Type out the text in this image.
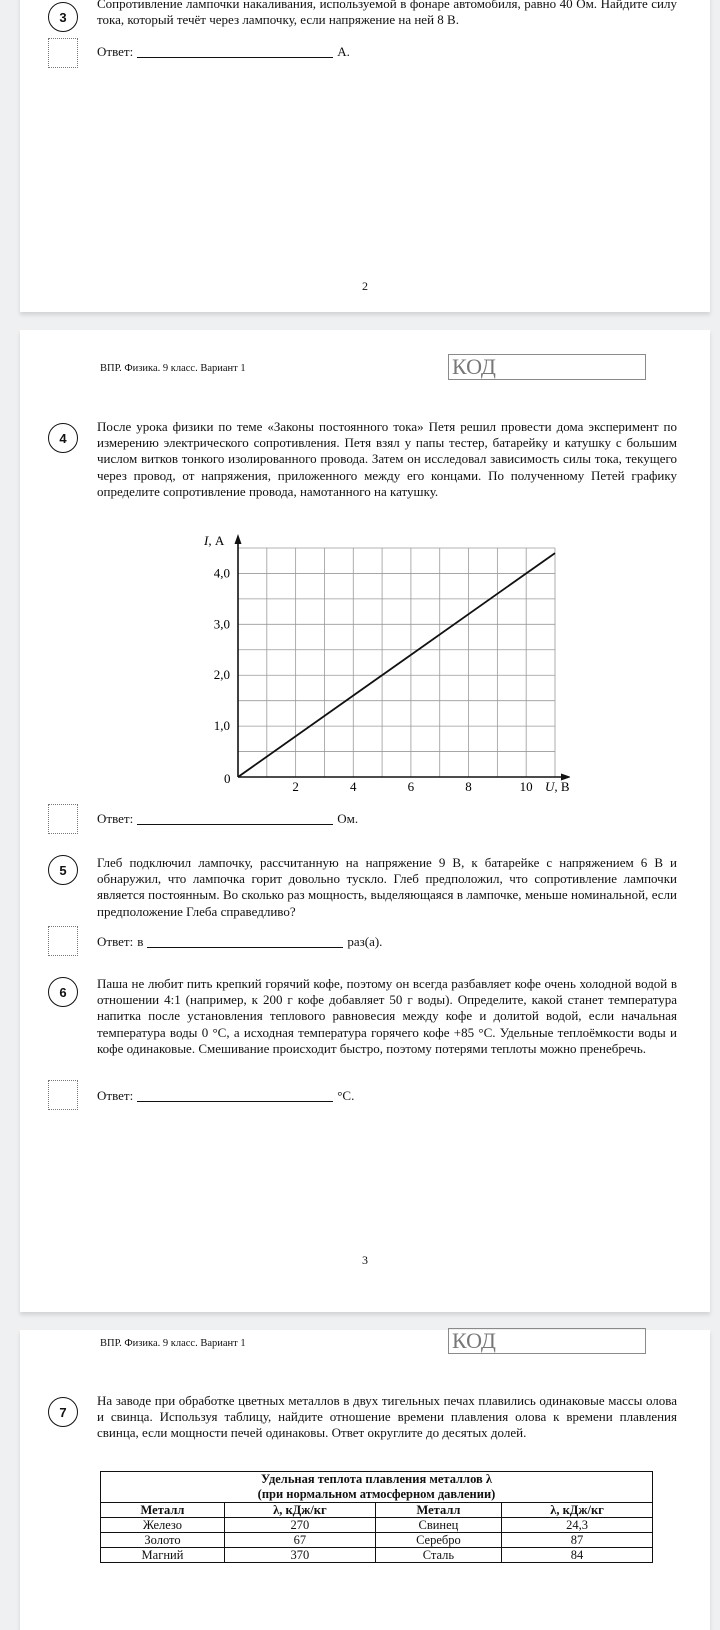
3
Сопротивление лампочки накаливания, используемой в фонаре автомобиля, равно 40 Ом. Найдите силу тока, который течёт через лампочку, если напряжение на ней 8 В.
Ответ:	А.
2
ВПР. Физика. 9 класс. Вариант 1	КОД
4
После урока физики по теме «Законы постоянного тока» Петя решил провести дома эксперимент по измерению электрического сопротивления. Петя взял у папы тестер, батарейку и катушку с большим числом витков тонкого изолированного провода. Затем он исследовал зависимость силы тока, текущего через провод, от напряжения, приложенного между его концами. По полученному Петей графику определите сопротивление провода, намотанного на катушку.
2	4	6	8	10
1,0
2,0
3,0
4,0
I, А
U, В
0
Ответ:	Ом.
5 Глеб подключил лампочку, рассчитанную на напряжение 9 В, к батарейке с напряжением 6 В и обнаружил, что лампочка горит довольно тускло. Глеб предположил, что сопротивление лампочки является постоянным. Во сколько раз мощность, выделяющаяся в лампочке, меньше номинальной, если предположение Глеба справедливо?
Ответ: в	раз(а).
6
Паша не любит пить крепкий горячий кофе, поэтому он всегда разбавляет кофе очень холодной водой в отношении 4:1 (например, к 200 г кофе добавляет 50 г воды). Определите, какой станет температура напитка после установления теплового равновесия между кофе и долитой водой, если начальная температура воды 0 °С, а исходная температура горячего кофе +85 °С. Удельные теплоёмкости воды и кофе одинаковые. Смешивание происходит быстро, поэтому потерями теплоты можно пренебречь.
Ответ:	°С.
3
ВПР. Физика. 9 класс. Вариант 1	КОД
7
На заводе при обработке цветных металлов в двух тигельных печах плавились одинаковые массы олова и свинца. Используя таблицу, найдите отношение времени плавления олова к времени плавления свинца, если мощности печей одинаковы. Ответ округлите до десятых долей.
Удельная теплота плавления металлов λ
(при нормальном атмосферном давлении)			
Металл	λ, кДж/кг	Металл	λ, кДж/кг
Железо	270	Свинец	24,3
Золото	67	Серебро	87
Магний	370	Сталь	84
